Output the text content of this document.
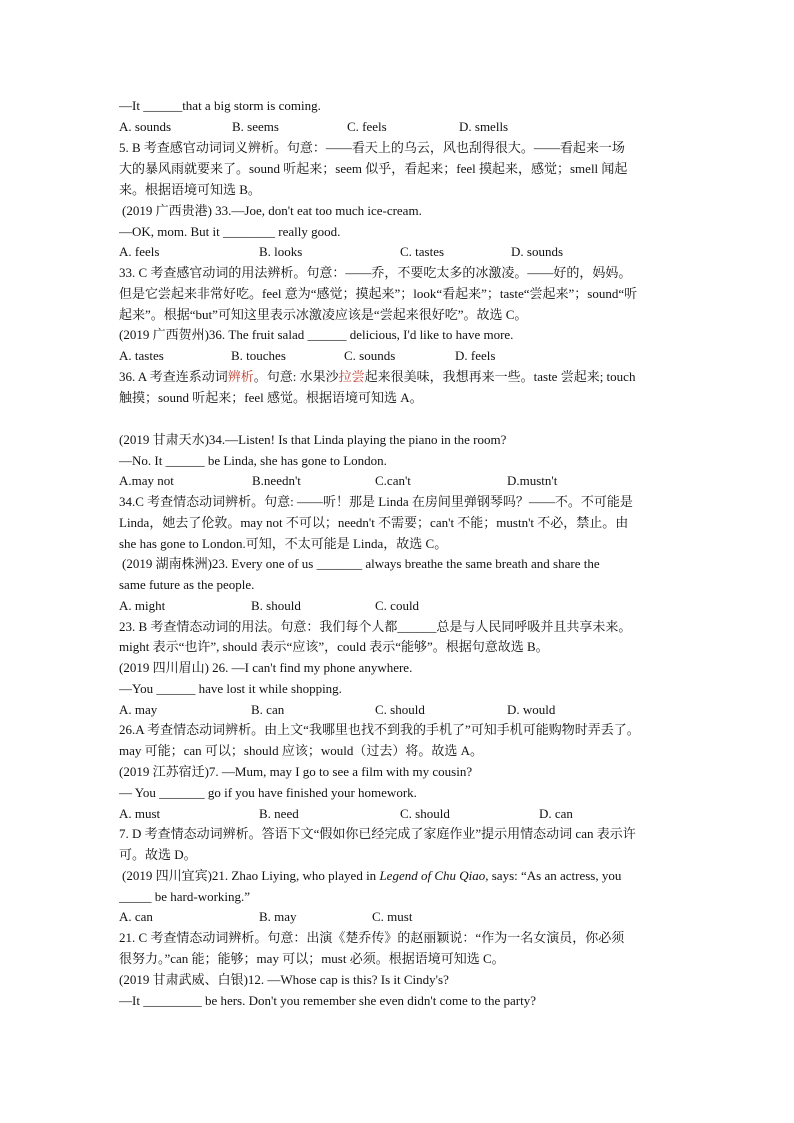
—It ______that a big storm is coming.
A. sounds	B. seems	C. feels	D. smells
5. B 考查感官动词词义辨析。句意：——看天上的乌云，风也刮得很大。——看起来一场
大的暴风雨就要来了。sound 听起来；seem 似乎，看起来；feel 摸起来，感觉；smell 闻起
来。根据语境可知选 B。
(2019 广西贵港) 33.—Joe, don't eat too much ice-cream.
—OK, mom. But it ________ really good.
A. feels	B. looks	C. tastes	D. sounds
33. C 考查感官动词的用法辨析。句意：——乔，不要吃太多的冰激凌。——好的，妈妈。
但是它尝起来非常好吃。feel 意为“感觉；摸起来”；look“看起来”；taste“尝起来”；sound“听
起来”。根据“but”可知这里表示冰激凌应该是“尝起来很好吃”。故选 C。
(2019 广西贺州)36. The fruit salad ______ delicious, I'd like to have more.
A. tastes	B. touches	C. sounds	D. feels
36. A 考查连系动词辨析。句意: 水果沙拉尝起来很美味，我想再来一些。taste 尝起来; touch
触摸；sound 听起来；feel 感觉。根据语境可知选 A。
(2019 甘肃天水)34.—Listen! Is that Linda playing the piano in the room?
—No. It ______ be Linda, she has gone to London.
A.may not	B.needn't	C.can't	D.mustn't
34.C 考查情态动词辨析。句意: ——听！那是 Linda 在房间里弹钢琴吗？——不。不可能是
Linda，她去了伦敦。may not 不可以；needn't 不需要；can't 不能；mustn't 不必，禁止。由
she has gone to London.可知，不太可能是 Linda，故选 C。
(2019 湖南株洲)23. Every one of us _______ always breathe the same breath and share the
same future as the people.
A. might	B. should	C. could
23. B 考查情态动词的用法。句意：我们每个人都______总是与人民同呼吸并且共享未来。
might 表示“也许”, should 表示“应该”，could 表示“能够”。根据句意故选 B。
(2019 四川眉山) 26. —I can't find my phone anywhere.
—You ______ have lost it while shopping.
A. may	B. can	C. should	D. would
26.A 考查情态动词辨析。由上文“我哪里也找不到我的手机了”可知手机可能购物时弄丢了。
may 可能；can 可以；should 应该；would（过去）将。故选 A。
(2019 江苏宿迁)7. —Mum, may I go to see a film with my cousin?
— You _______ go if you have finished your homework.
A. must	B. need	C. should	D. can
7. D 考查情态动词辨析。答语下文“假如你已经完成了家庭作业”提示用情态动词 can 表示许
可。故选 D。
(2019 四川宜宾)21. Zhao Liying, who played in Legend of Chu Qiao, says: “As an actress, you
_____ be hard-working.”
A. can	B. may	C. must
21. C 考查情态动词辨析。句意：出演《楚乔传》的赵丽颖说：“作为一名女演员，你必须
很努力。”can 能；能够；may 可以；must 必须。根据语境可知选 C。
(2019 甘肃武威、白银)12. —Whose cap is this? Is it Cindy's?
—It _________ be hers. Don't you remember she even didn't come to the party?
